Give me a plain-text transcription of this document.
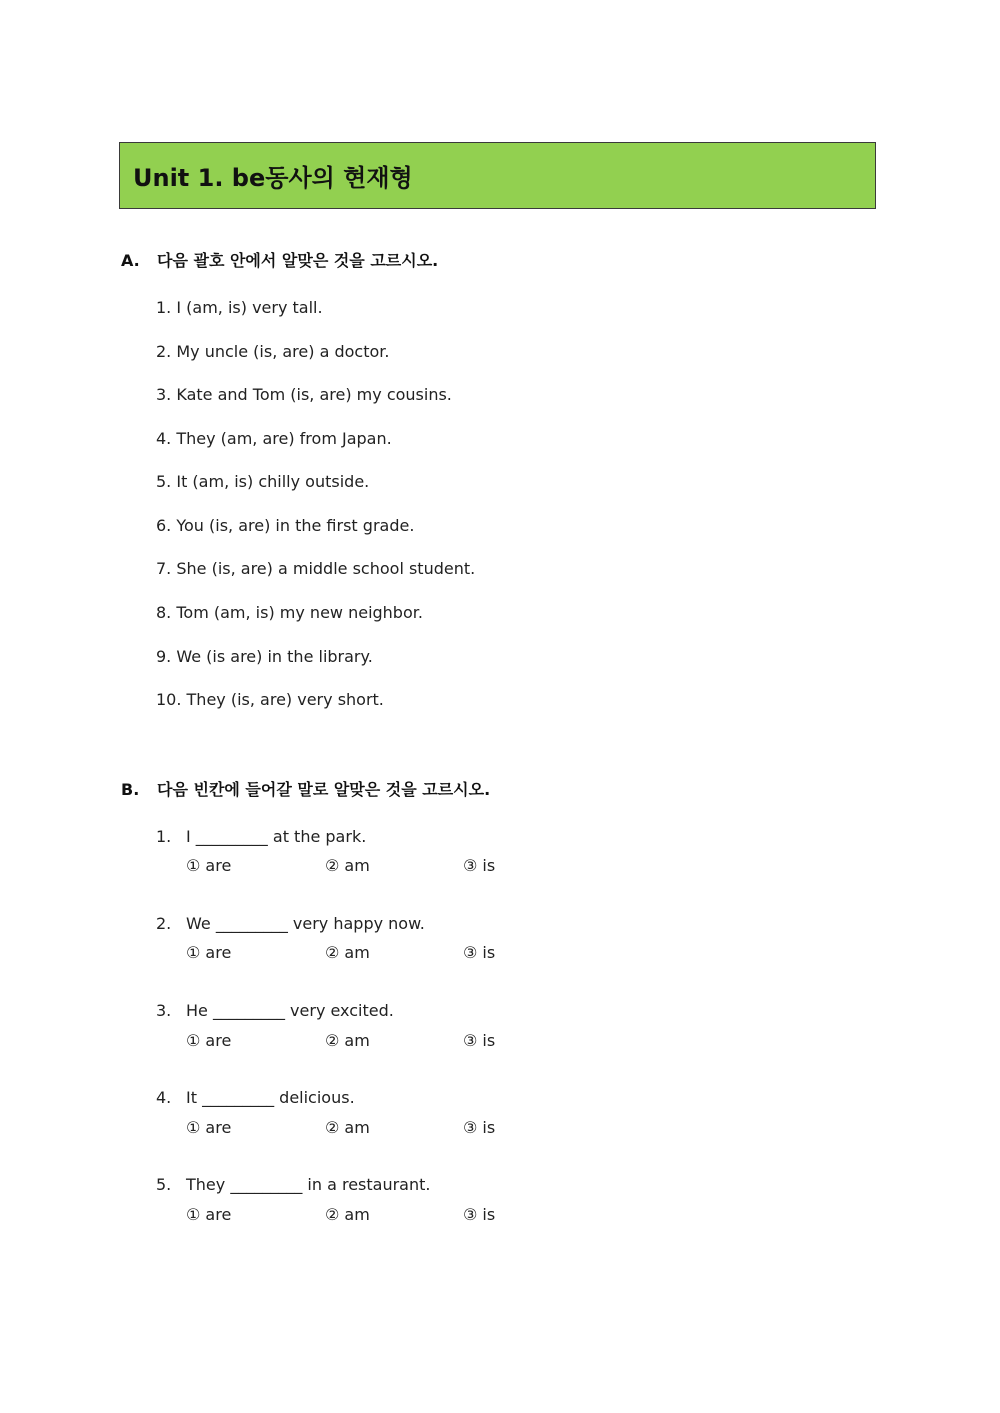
Unit 1. be동사의 현재형
A. 다음 괄호 안에서 알맞은 것을 고르시오.
1. I (am, is) very tall.
2. My uncle (is, are) a doctor.
3. Kate and Tom (is, are) my cousins.
4. They (am, are) from Japan.
5. It (am, is) chilly outside.
6. You (is, are) in the first grade.
7. She (is, are) a middle school student.
8. Tom (am, is) my new neighbor.
9. We (is are) in the library.
10. They (is, are) very short.
B. 다음 빈칸에 들어갈 말로 알맞은 것을 고르시오.
1. I _________ at the park.
① are	② am	③ is
2. We _________ very happy now.
① are	② am	③ is
3. He _________ very excited.
① are	② am	③ is
4. It _________ delicious.
① are	② am	③ is
5. They _________ in a restaurant.
① are	② am	③ is
